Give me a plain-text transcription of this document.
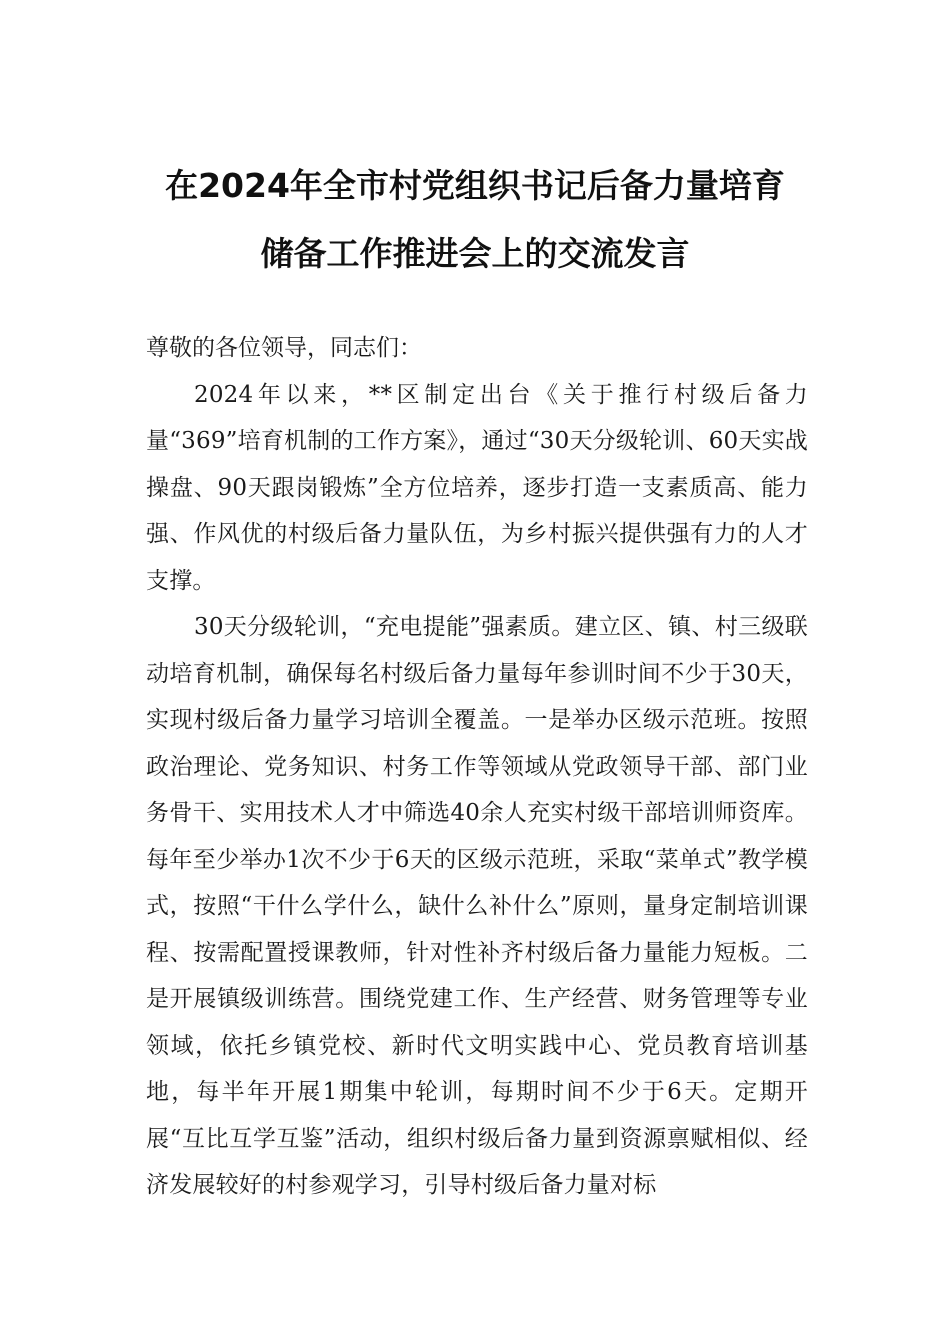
在2024年全市村党组织书记后备力量培育
储备工作推进会上的交流发言

尊敬的各位领导，同志们：

2024年以来，**区制定出台《关于推行村级后备力量“369”培育机制的工作方案》，通过“30天分级轮训、60天实战操盘、90天跟岗锻炼”全方位培养，逐步打造一支素质高、能力强、作风优的村级后备力量队伍，为乡村振兴提供强有力的人才支撑。

30天分级轮训，“充电提能”强素质。建立区、镇、村三级联动培育机制，确保每名村级后备力量每年参训时间不少于30天，实现村级后备力量学习培训全覆盖。一是举办区级示范班。按照政治理论、党务知识、村务工作等领域从党政领导干部、部门业务骨干、实用技术人才中筛选40余人充实村级干部培训师资库。每年至少举办1次不少于6天的区级示范班，采取“菜单式”教学模式，按照“干什么学什么，缺什么补什么”原则，量身定制培训课程、按需配置授课教师，针对性补齐村级后备力量能力短板。二是开展镇级训练营。围绕党建工作、生产经营、财务管理等专业领域，依托乡镇党校、新时代文明实践中心、党员教育培训基地，每半年开展1期集中轮训，每期时间不少于6天。定期开展“互比互学互鉴”活动，组织村级后备力量到资源禀赋相似、经济发展较好的村参观学习，引导村级后备力量对标
